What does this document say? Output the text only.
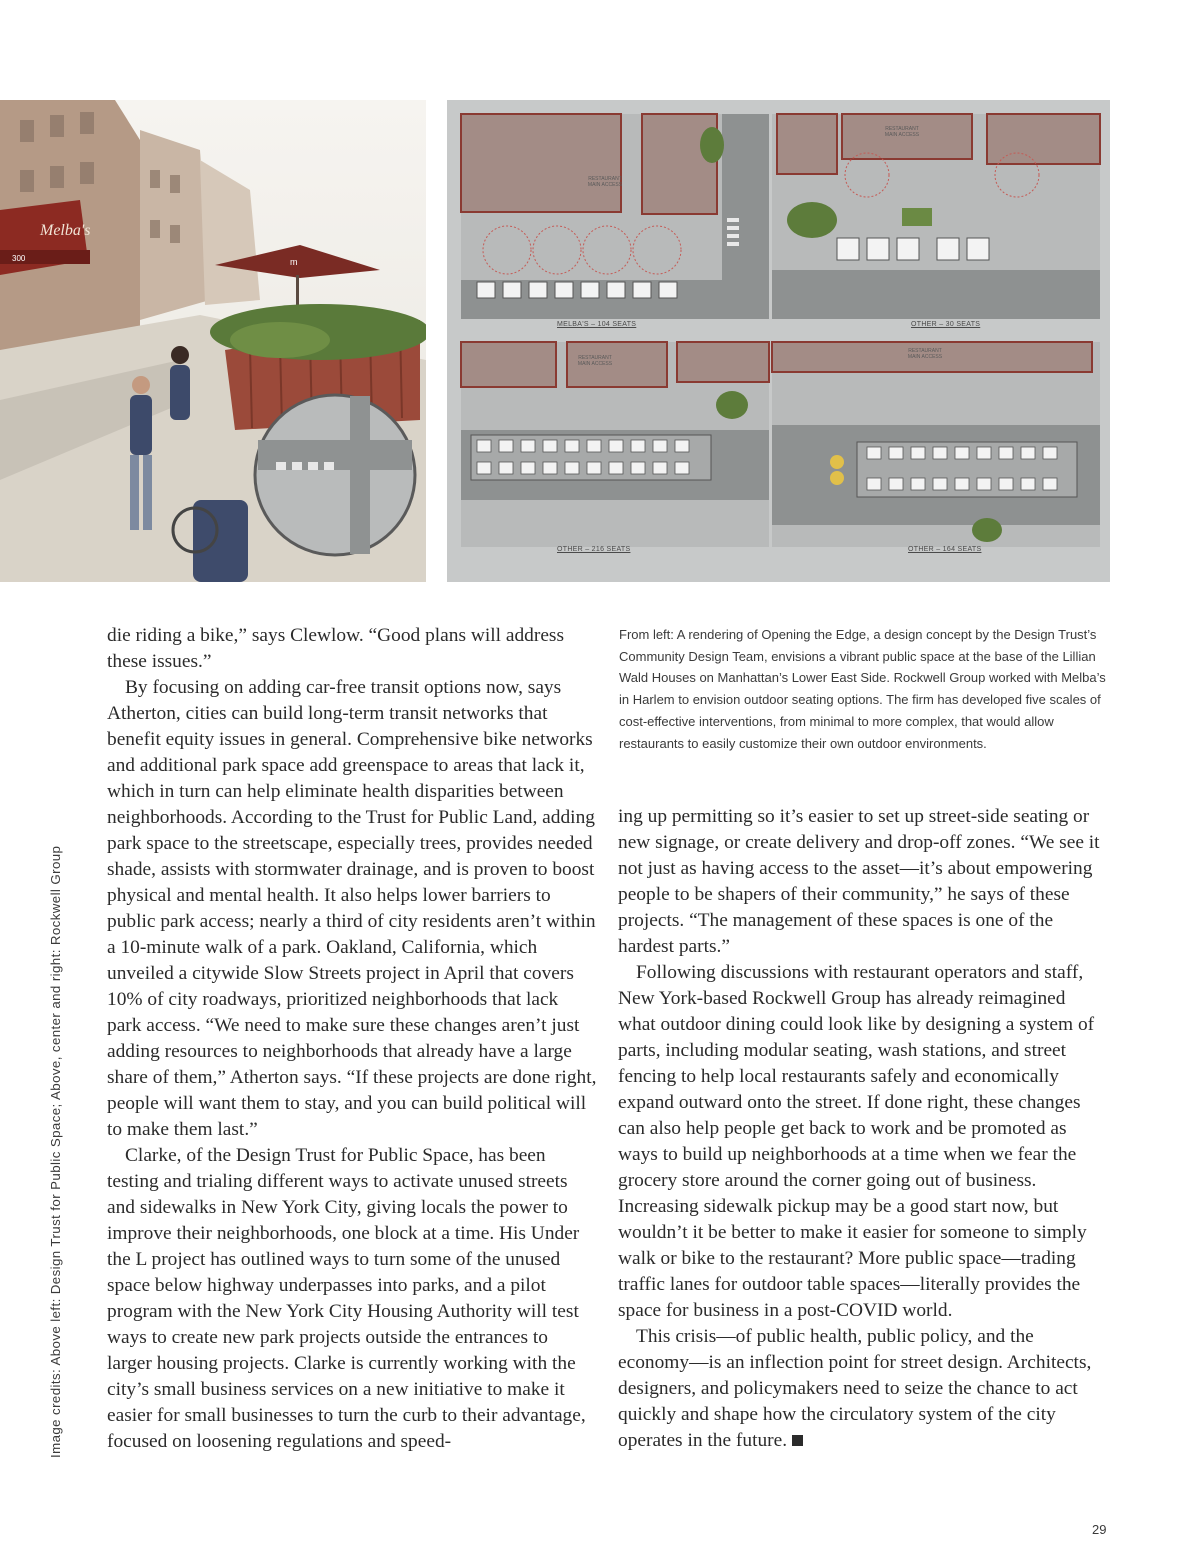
Melba's
300	m
RESTAURANT
MAIN ACCESS
RESTAURANT
MAIN ACCESS
RESTAURANT
MAIN ACCESS
RESTAURANT
MAIN ACCESS
MELBA'S – 104 SEATS	OTHER – 30 SEATS
OTHER – 216 SEATS	OTHER – 164 SEATS
Image credits: Above left: Design Trust for Public Space; Above, center and right: Rockwell Group

die riding a bike,” says Clewlow. “Good plans will address these issues.”

By focusing on adding car-free transit options now, says Atherton, cities can build long-term transit networks that benefit equity issues in general. Comprehensive bike networks and additional park space add greenspace to areas that lack it, which in turn can help eliminate health disparities between neighborhoods. According to the Trust for Public Land, adding park space to the streetscape, especially trees, provides needed shade, assists with stormwater drainage, and is proven to boost physical and mental health. It also helps lower barriers to public park access; nearly a third of city residents aren’t within a 10-minute walk of a park. Oakland, California, which unveiled a citywide Slow Streets project in April that covers 10% of city roadways, prioritized neighborhoods that lack park access. “We need to make sure these changes aren’t just adding resources to neighborhoods that already have a large share of them,” Atherton says. “If these projects are done right, people will want them to stay, and you can build political will to make them last.”

Clarke, of the Design Trust for Public Space, has been testing and trialing different ways to activate unused streets and sidewalks in New York City, giving locals the power to improve their neighborhoods, one block at a time. His Under the L project has outlined ways to turn some of the unused space below highway underpasses into parks, and a pilot program with the New York City Housing Authority will test ways to create new park projects outside the entrances to larger housing projects. Clarke is currently working with the city’s small business services on a new initiative to make it easier for small businesses to turn the curb to their advantage, focused on loosening regulations and speed-

From left: A rendering of Opening the Edge, a design concept by the Design Trust’s Community Design Team, envisions a vibrant public space at the base of the Lillian Wald Houses on Manhattan’s Lower East Side. Rockwell Group worked with Melba’s in Harlem to envision outdoor seating options. The firm has developed five scales of cost-effective interventions, from minimal to more complex, that would allow restaurants to easily customize their own outdoor environments.

ing up permitting so it’s easier to set up street-side seating or new signage, or create delivery and drop-off zones. “We see it not just as having access to the asset—it’s about empowering people to be shapers of their community,” he says of these projects. “The management of these spaces is one of the hardest parts.”

Following discussions with restaurant operators and staff, New York-based Rockwell Group has already reimagined what outdoor dining could look like by designing a system of parts, including modular seating, wash stations, and street fencing to help local restaurants safely and economically expand outward onto the street. If done right, these changes can also help people get back to work and be promoted as ways to build up neighborhoods at a time when we fear the grocery store around the corner going out of business. Increasing sidewalk pickup may be a good start now, but wouldn’t it be better to make it easier for someone to simply walk or bike to the restaurant? More public space—trading traffic lanes for outdoor table spaces—literally provides the space for business in a post-COVID world.

This crisis—of public health, public policy, and the economy—is an inflection point for street design. Architects, designers, and policymakers need to seize the chance to act quickly and shape how the circulatory system of the city operates in the future.

29
